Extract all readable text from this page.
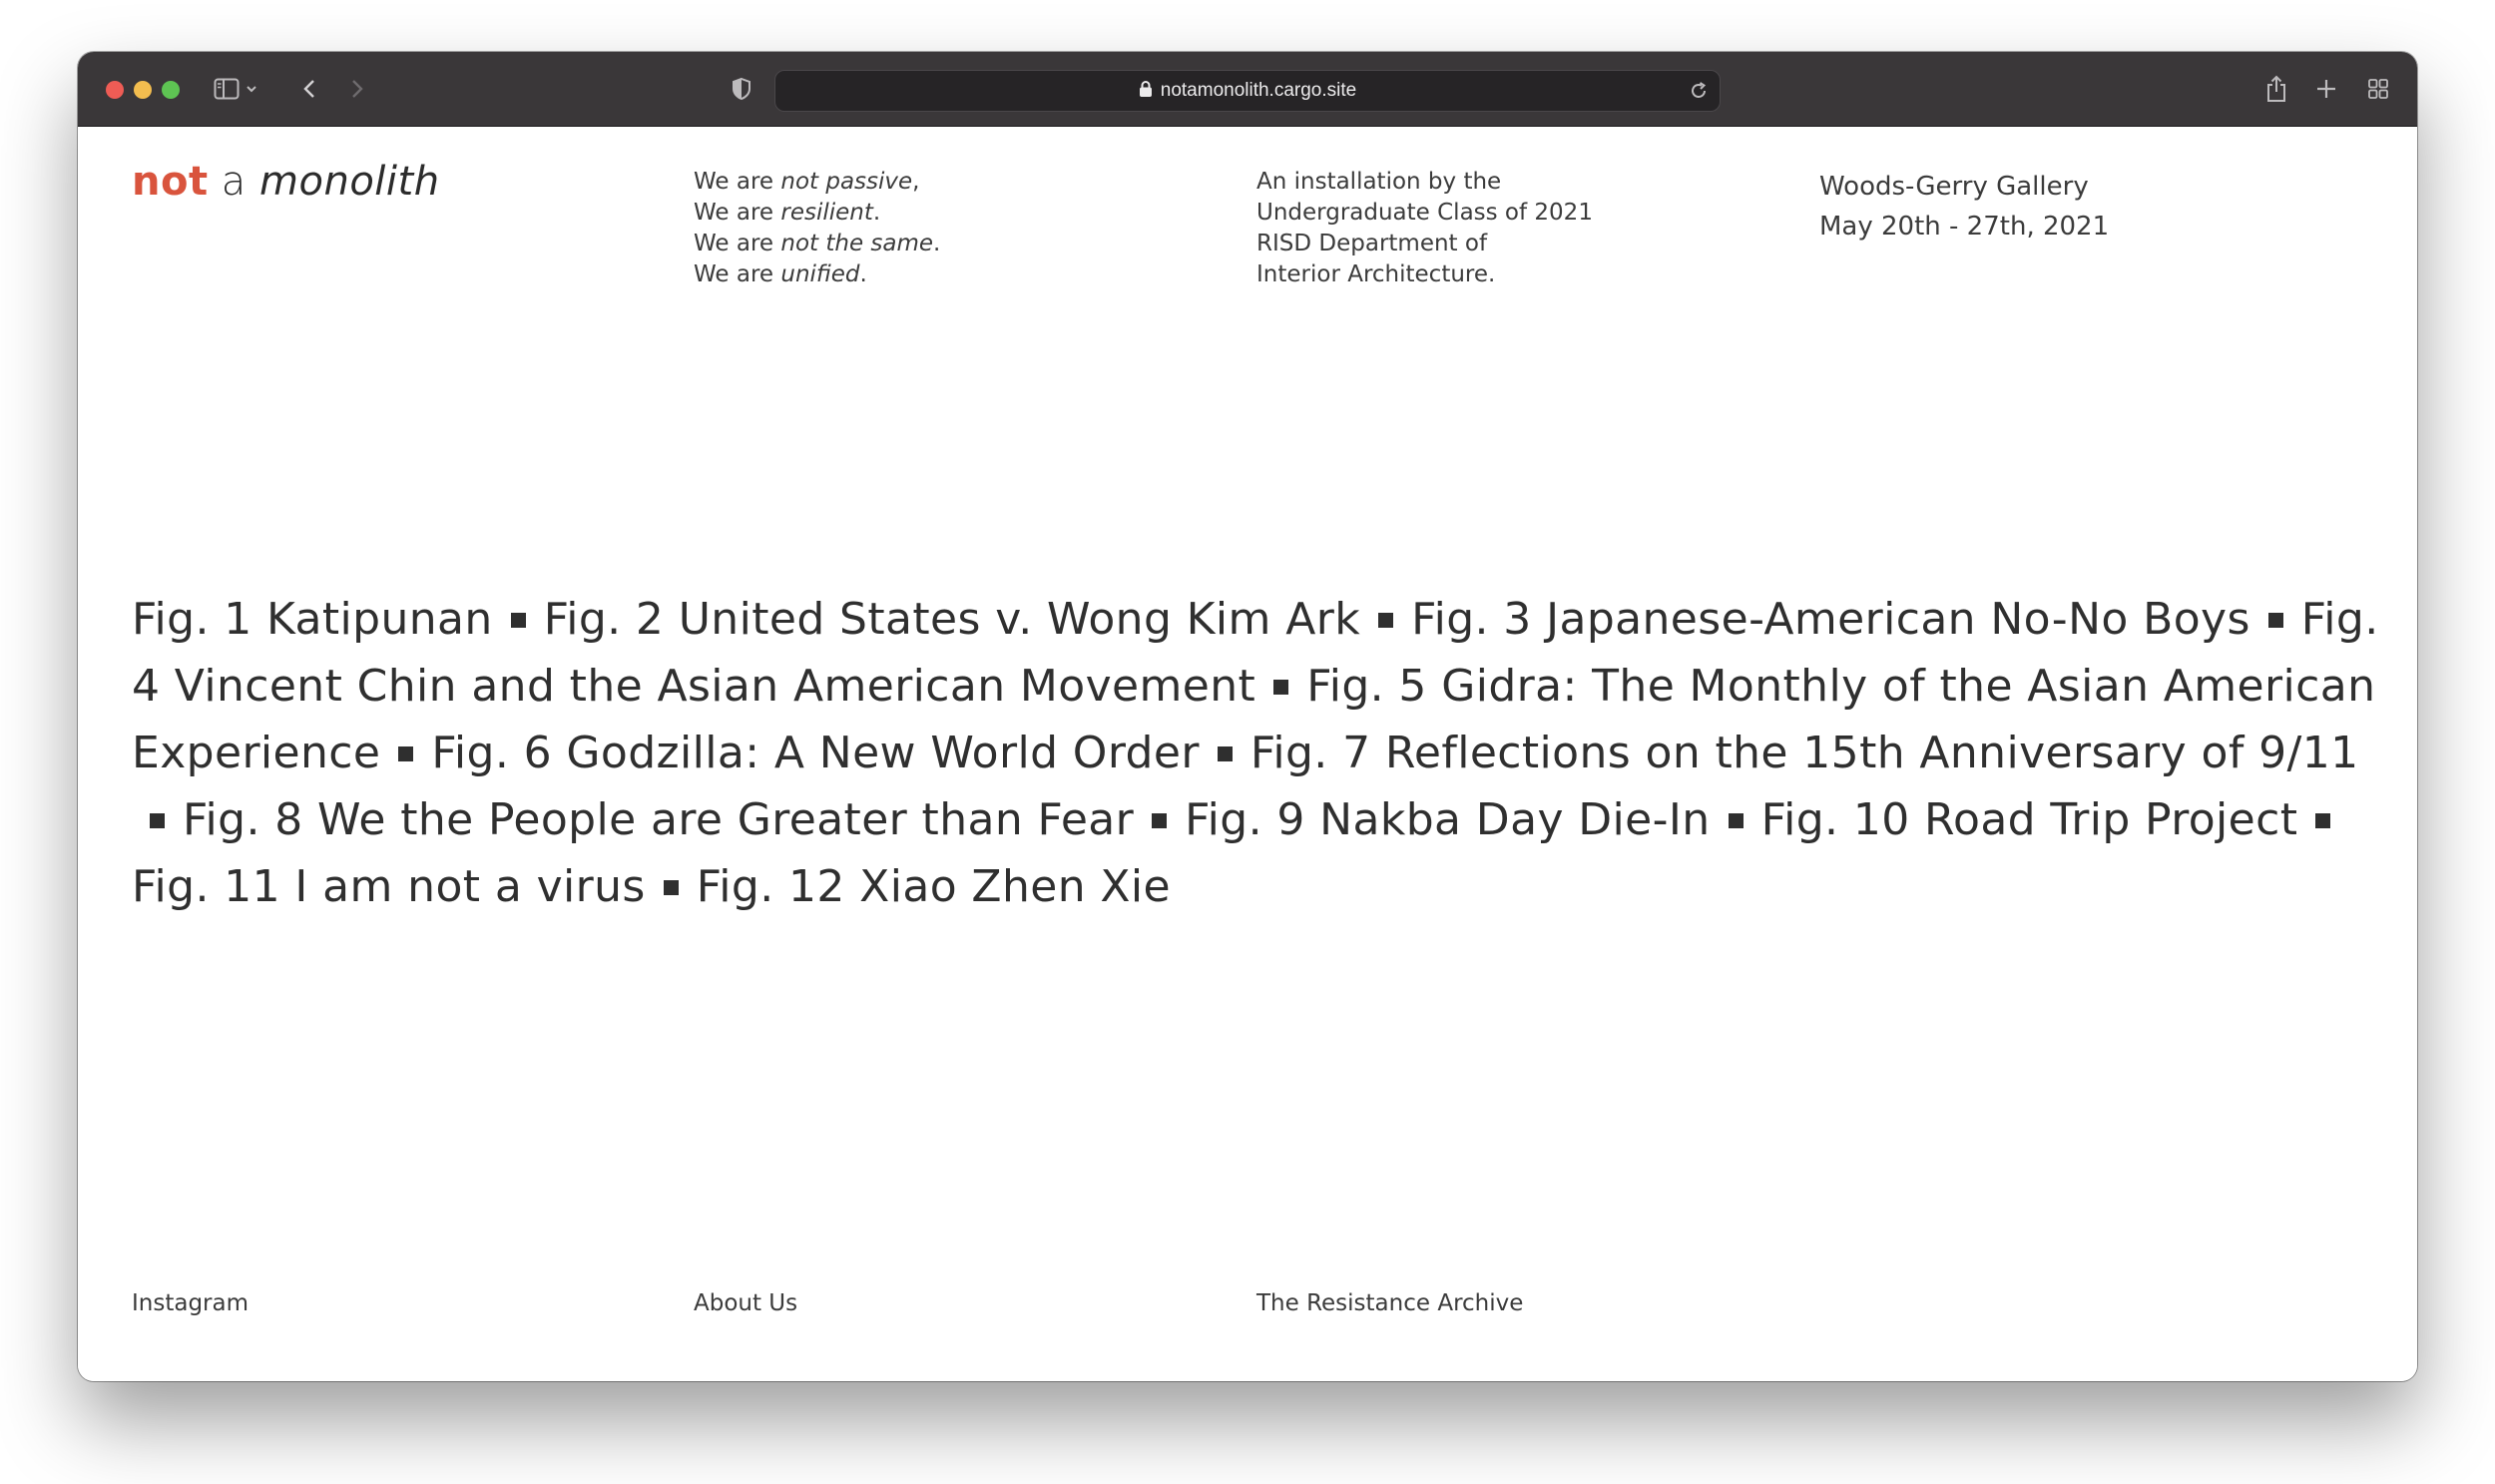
notamonolith.cargo.site
not a monolith	We are not passive,
We are resilient.
We are not the same.
We are unified.
An installation by the
Undergraduate Class of 2021
RISD Department of
Interior Architecture.
Woods-Gerry Gallery
May 20th - 27th, 2021
Fig. 1 Katipunan Fig. 2 United States v. Wong Kim Ark Fig. 3 Japanese-American No-No Boys Fig. 4 Vincent Chin and the Asian American Movement Fig. 5 Gidra: The Monthly of the Asian American Experience Fig. 6 Godzilla: A New World Order Fig. 7 Reflections on the 15th Anniversary of 9/11Fig. 8 We the People are Greater than Fear Fig. 9 Nakba Day Die-In Fig. 10 Road Trip ProjectFig. 11 I am not a virus Fig. 12 Xiao Zhen Xie
Instagram	About Us	The Resistance Archive
